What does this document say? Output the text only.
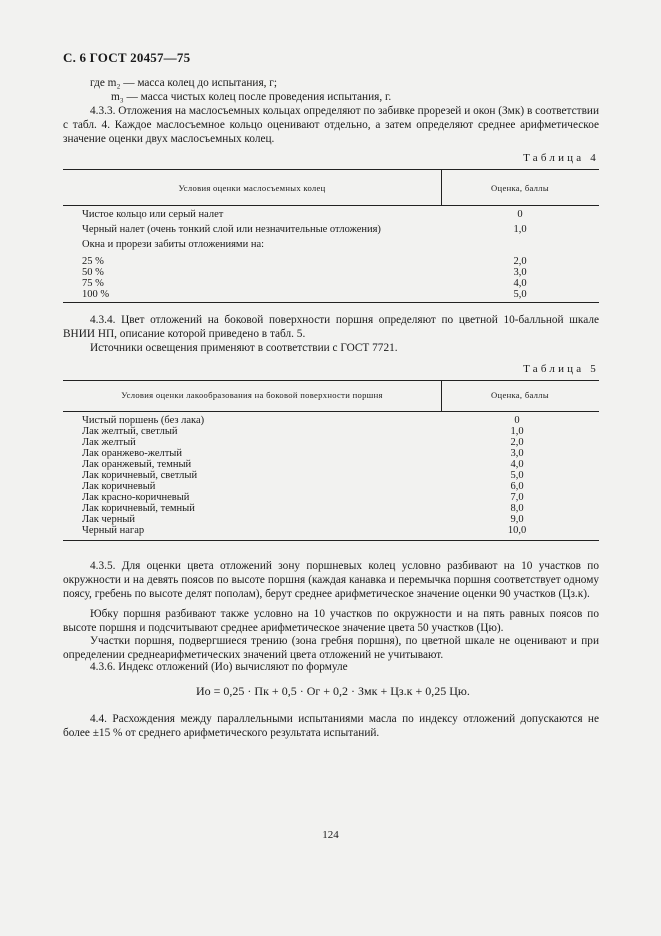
С. 6 ГОСТ 20457—75
где m₂ — масса колец до испытания, г;
m₃ — масса чистых колец после проведения испытания, г.
4.3.3. Отложения на маслосъемных кольцах определяют по забивке прорезей и окон (Змк) в соответствии с табл. 4. Каждое маслосъемное кольцо оценивают отдельно, а затем определяют среднее арифметическое значение оценки двух маслосъемных колец.
Таблица 4
Условия оценки маслосъемных колец	Оценка, баллы
Чистое кольцо или серый налет	0
Черный налет (очень тонкий слой или незначительные отложения)	1,0
Окна и прорези забиты отложениями на:
25 %	2,0
50 %	3,0
75 %	4,0
100 %	5,0
4.3.4. Цвет отложений на боковой поверхности поршня определяют по цветной 10-балльной шкале ВНИИ НП, описание которой приведено в табл. 5.
Источники освещения применяют в соответствии с ГОСТ 7721.
Таблица 5
Условия оценки лакообразования на боковой поверхности поршня	Оценка, баллы
Чистый поршень (без лака)	0
Лак желтый, светлый	1,0
Лак желтый	2,0
Лак оранжево-желтый	3,0
Лак оранжевый, темный	4,0
Лак коричневый, светлый	5,0
Лак коричневый	6,0
Лак красно-коричневый	7,0
Лак коричневый, темный	8,0
Лак черный	9,0
Черный нагар	10,0
4.3.5. Для оценки цвета отложений зону поршневых колец условно разбивают на 10 участков по окружности и на девять поясов по высоте поршня (каждая канавка и перемычка поршня соответствует одному поясу, гребень по высоте делят пополам), берут среднее арифметическое значение оценки 90 участков (Цз.к).
Юбку поршня разбивают также условно на 10 участков по окружности и на пять равных поясов по высоте поршня и подсчитывают среднее арифметическое значение цвета 50 участков (Цю).
Участки поршня, подвергшиеся трению (зона гребня поршня), по цветной шкале не оценивают и при определении среднеарифметических значений цвета отложений не учитывают.
4.3.6. Индекс отложений (Ио) вычисляют по формуле
Ио = 0,25 · Пк + 0,5 · Ог + 0,2 · Змк + Цз.к + 0,25 Цю.
4.4. Расхождения между параллельными испытаниями масла по индексу отложений допускаются не более ±15 % от среднего арифметического результата испытаний.
124
